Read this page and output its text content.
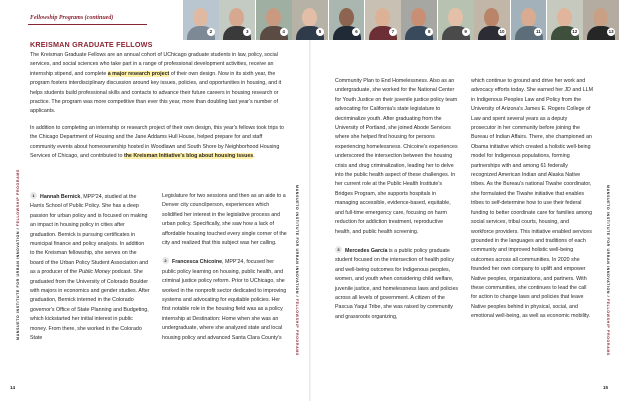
Fellowship Programs (continued)
2	3	4	5	6	7	8	9	10	11	12	13
MANSUETO INSTITUTE FOR URBAN INNOVATION / FELLOWSHIP PROGRAMS	MANSUETO INSTITUTE FOR URBAN INNOVATION / FELLOWSHIP PROGRAMS
MANSUETO INSTITUTE FOR URBAN INNOVATION / FELLOWSHIP PROGRAMS
14	15
KREISMAN GRADUATE FELLOWS

The Kreisman Graduate Fellows are an annual cohort of UChicago graduate students in law, policy, social services, and social sciences who take part in a range of professional development activities, receive an internship stipend, and complete a major research project of their own design. Now in its sixth year, the program fosters interdisciplinary discussion around key issues, policies, and opportunities in housing, and it helps students build professional skills and contacts to advance their future careers in housing research or practice. The program was more competitive than ever this year, more than doubling last year's number of applicants.

In addition to completing an internship or research project of their own design, this year's fellows took trips to the Chicago Department of Housing and the Jane Addams Hull House, helped prepare for and staff community events about homeownership hosted in Woodlawn and South Shore by Neighborhood Housing Services of Chicago, and contributed to the Kreisman Initiative's blog about housing issues.

1 Hannah Bernick, MPP'24, studied at the Harris School of Public Policy. She has a deep passion for urban policy and is focused on making an impact in housing policy in cities after graduation. Bernick is pursuing certificates in municipal finance and policy analysis. In addition to the Kreisman fellowship, she serves on the board of the Urban Policy Student Association and as a producer of the Public Money podcast. She graduated from the University of Colorado Boulder with majors in economics and gender studies. After graduation, Bernick interned in the Colorado governor's Office of State Planning and Budgeting, which kickstarted her initial interest in public money. From there, she worked in the Colorado State

Legislature for two sessions and then as an aide to a Denver city councilperson, experiences which solidified her interest in the legislative process and urban policy. Specifically, she saw how a lack of affordable housing touched every single corner of the city and realized that this subject was her calling.

2 Francesca Chicoine, MPP'24, focused her public policy learning on housing, public health, and criminal justice policy reform. Prior to UChicago, she worked in the nonprofit sector dedicated to improving systems and advocating for equitable policies. Her first notable role in the housing field was as a policy internship at Destination: Home when she was an undergraduate, where she analyzed state and local housing policy and advanced Santa Clara County's

Community Plan to End Homelessness. Also as an undergraduate, she worked for the National Center for Youth Justice on their juvenile justice policy team advocating for California's state legislature to decriminalize youth. After graduating from the University of Portland, she joined Abode Services where she helped find housing for persons experiencing homelessness. Chicoine's experiences underscored the intersection between the housing crisis and drug criminalization, leading her to delve into the public health aspect of these challenges. In her current role at the Public Health Institute's Bridges Program, she supports hospitals in managing accessible, evidence-based, equitable, and full-time emergency care, focusing on harm reduction for addiction treatment, reproductive health, and public health screening.

3 Mercedes García is a public policy graduate student focused on the intersection of health policy and well-being outcomes for Indigenous peoples, women, and youth when considering child welfare, juvenile justice, and homelessness laws and policies across all levels of government. A citizen of the Pascua Yaqui Tribe, she was raised by community and grassroots organizing,

which continue to ground and drive her work and advocacy efforts today. She earned her JD and LLM in Indigenous Peoples Law and Policy from the University of Arizona's James E. Rogers College of Law and spent several years as a deputy prosecutor in her community before joining the Bureau of Indian Affairs. There, she championed an Obama initiative which created a holistic well-being model for Indigenous populations, forming partnerships with and among 61 federally recognized American Indian and Alaska Native tribes. As the Bureau's national Tiwahe coordinator, she formulated the Tiwahe initiative that enables tribes to self-determine how to use their federal funding to better coordinate care for families among social services, tribal courts, housing, and workforce providers. This initiative enabled services grounded in the languages and traditions of each community and improved holistic well-being outcomes across all communities. In 2020 she founded her own company to uplift and empower Native peoples, organizations, and partners. With these communities, she continues to lead the call for action to change laws and policies that leave Native peoples behind in physical, social, and emotional well-being, as well as economic mobility.
